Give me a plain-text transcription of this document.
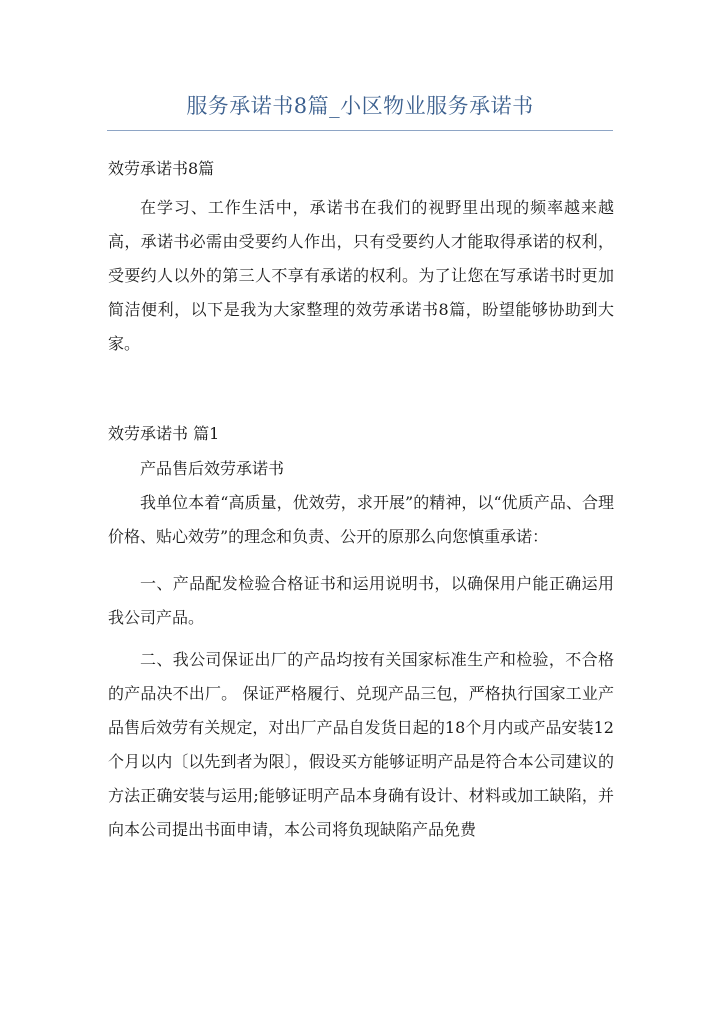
服务承诺书8篇_小区物业服务承诺书
效劳承诺书8篇
在学习、工作生活中，承诺书在我们的视野里出现的频率越来越高，承诺书必需由受要约人作出，只有受要约人才能取得承诺的权利，受要约人以外的第三人不享有承诺的权利。为了让您在写承诺书时更加简洁便利，以下是我为大家整理的效劳承诺书8篇，盼望能够协助到大家。
效劳承诺书 篇1
产品售后效劳承诺书
我单位本着“高质量，优效劳，求开展”的精神，以“优质产品、合理价格、贴心效劳”的理念和负责、公开的原那么向您慎重承诺：
一、产品配发检验合格证书和运用说明书，以确保用户能正确运用我公司产品。
二、我公司保证出厂的产品均按有关国家标准生产和检验，不合格的产品决不出厂。 保证严格履行、兑现产品三包，严格执行国家工业产品售后效劳有关规定，对出厂产品自发货日起的18个月内或产品安装12个月以内〔以先到者为限〕，假设买方能够证明产品是符合本公司建议的方法正确安装与运用;能够证明产品本身确有设计、材料或加工缺陷，并向本公司提出书面申请，本公司将负现缺陷产品免费
